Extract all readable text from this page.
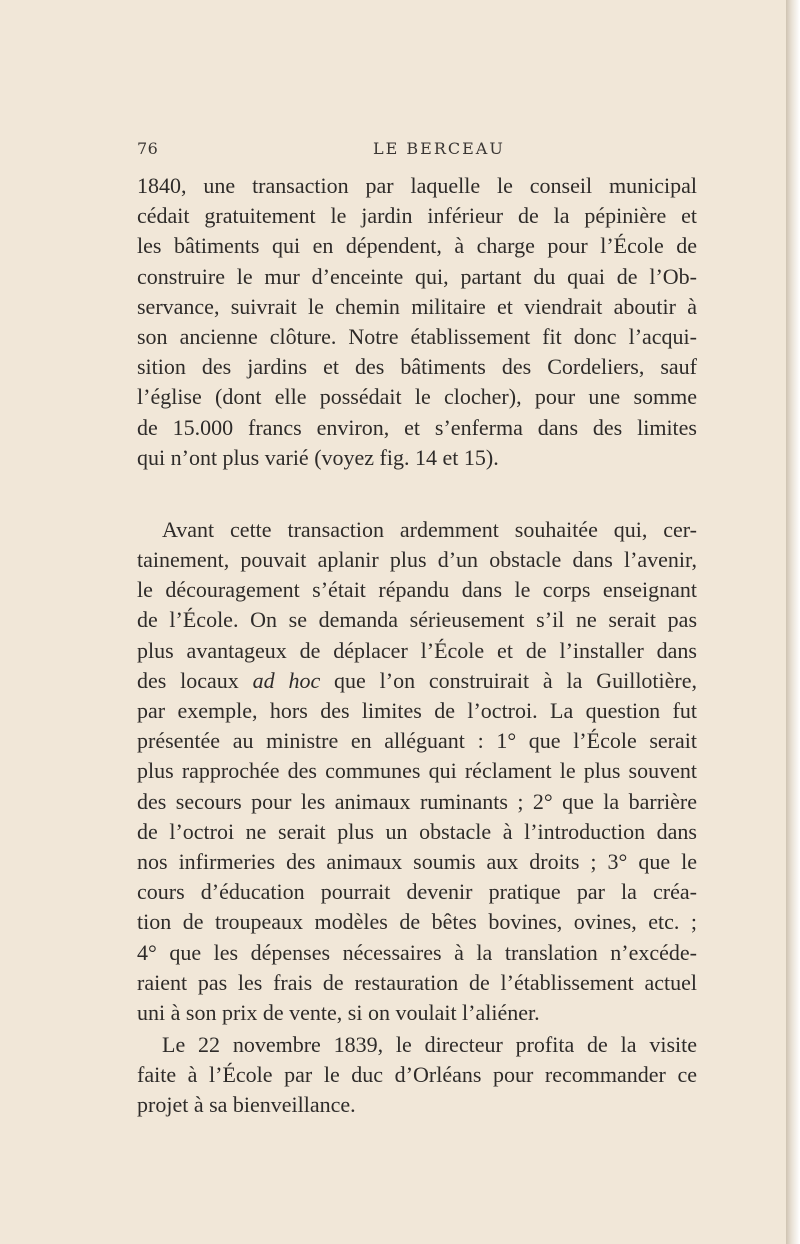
76	LE BERCEAU

1840, une transaction par laquelle le conseil municipal
cédait gratuitement le jardin inférieur de la pépinière et
les bâtiments qui en dépendent, à charge pour l’École de
construire le mur d’enceinte qui, partant du quai de l’Ob-
servance, suivrait le chemin militaire et viendrait aboutir à
son ancienne clôture. Notre établissement fit donc l’acqui-
sition des jardins et des bâtiments des Cordeliers, sauf
l’église (dont elle possédait le clocher), pour une somme
de 15.000 francs environ, et s’enferma dans des limites
qui n’ont plus varié (voyez fig. 14 et 15).

Avant cette transaction ardemment souhaitée qui, cer-
tainement, pouvait aplanir plus d’un obstacle dans l’avenir,
le découragement s’était répandu dans le corps enseignant
de l’École. On se demanda sérieusement s’il ne serait pas
plus avantageux de déplacer l’École et de l’installer dans
des locaux ad hoc que l’on construirait à la Guillotière,
par exemple, hors des limites de l’octroi. La question fut
présentée au ministre en alléguant : 1° que l’École serait
plus rapprochée des communes qui réclament le plus souvent
des secours pour les animaux ruminants ; 2° que la barrière
de l’octroi ne serait plus un obstacle à l’introduction dans
nos infirmeries des animaux soumis aux droits ; 3° que le
cours d’éducation pourrait devenir pratique par la créa-
tion de troupeaux modèles de bêtes bovines, ovines, etc. ;
4° que les dépenses nécessaires à la translation n’excéde-
raient pas les frais de restauration de l’établissement actuel
uni à son prix de vente, si on voulait l’aliéner.

Le 22 novembre 1839, le directeur profita de la visite
faite à l’École par le duc d’Orléans pour recommander ce
projet à sa bienveillance.
